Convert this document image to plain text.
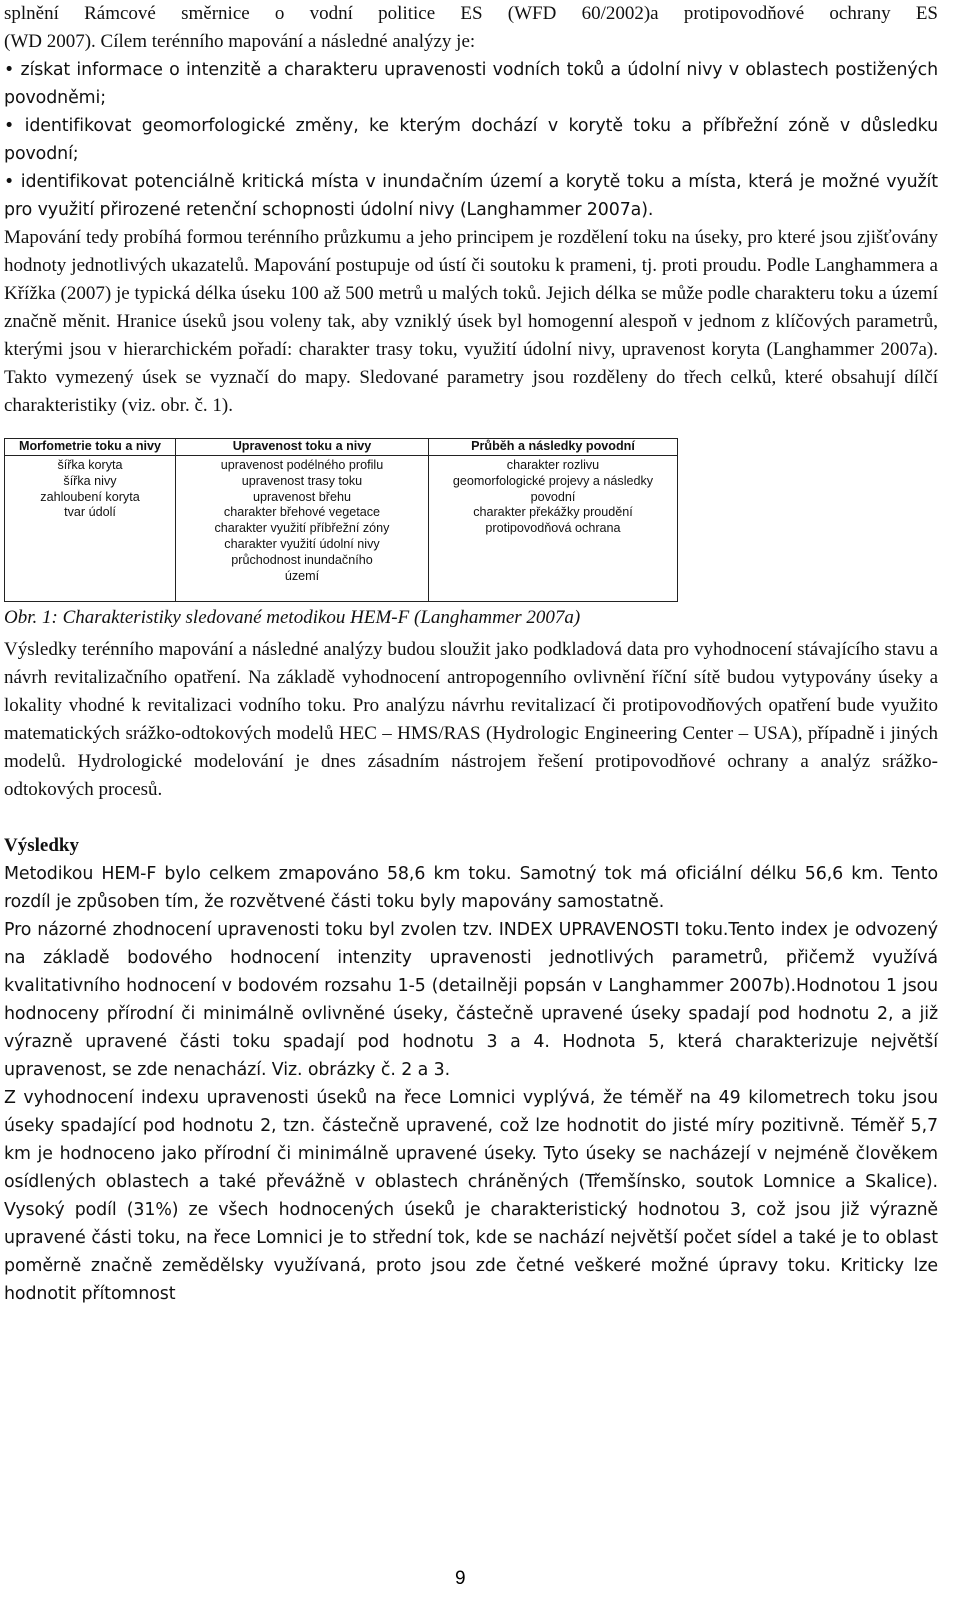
splnění Rámcové směrnice o vodní politice ES (WFD 60/2002)a protipovodňové ochrany ES

(WD 2007). Cílem terénního mapování a následné analýzy je:

• získat informace o intenzitě a charakteru upravenosti vodních toků a údolní nivy v oblastech postižených povodněmi;

• identifikovat geomorfologické změny, ke kterým dochází v korytě toku a příbřežní zóně v důsledku povodní;

• identifikovat potenciálně kritická místa v inundačním území a korytě toku a místa, která je možné využít pro využití přirozené retenční schopnosti údolní nivy (Langhammer 2007a).

Mapování tedy probíhá formou terénního průzkumu a jeho principem je rozdělení toku na úseky, pro které jsou zjišťovány hodnoty jednotlivých ukazatelů. Mapování postupuje od ústí či soutoku k prameni, tj. proti proudu. Podle Langhammera a Křížka (2007) je typická délka úseku 100 až 500 metrů u malých toků. Jejich délka se může podle charakteru toku a území značně měnit. Hranice úseků jsou voleny tak, aby vzniklý úsek byl homogenní alespoň v jednom z klíčových parametrů, kterými jsou v hierarchickém pořadí: charakter trasy toku, využití údolní nivy, upravenost koryta (Langhammer 2007a). Takto vymezený úsek se vyznačí do mapy. Sledované parametry jsou rozděleny do třech celků, které obsahují dílčí charakteristiky (viz. obr. č. 1).

Morfometrie toku a nivy
šířka koryta
šířka nivy
zahloubení koryta
tvar údolí
Upravenost toku a nivy
upravenost podélného profilu
upravenost trasy toku
upravenost břehu
charakter břehové vegetace
charakter využití příbřežní zóny
charakter využití údolní nivy
průchodnost inundačního
území
Průběh a následky povodní
charakter rozlivu
geomorfologické projevy a následky
povodní
charakter překážky proudění
protipovodňová ochrana
Obr. 1: Charakteristiky sledované metodikou HEM-F (Langhammer 2007a)

Výsledky terénního mapování a následné analýzy budou sloužit jako podkladová data pro vyhodnocení stávajícího stavu a návrh revitalizačního opatření. Na základě vyhodnocení antropogenního ovlivnění říční sítě budou vytypovány úseky a lokality vhodné k revitalizaci vodního toku. Pro analýzu návrhu revitalizací či protipovodňových opatření bude využito matematických srážko-odtokových modelů HEC – HMS/RAS (Hydrologic Engineering Center – USA), případně i jiných modelů. Hydrologické modelování je dnes zásadním nástrojem řešení protipovodňové ochrany a analýz srážko-odtokových procesů.

Výsledky

Metodikou HEM-F bylo celkem zmapováno 58,6 km toku. Samotný tok má oficiální délku 56,6 km. Tento rozdíl je způsoben tím, že rozvětvené části toku byly mapovány samostatně.

Pro názorné zhodnocení upravenosti toku byl zvolen tzv. INDEX UPRAVENOSTI toku.Tento index je odvozený na základě bodového hodnocení intenzity upravenosti jednotlivých parametrů, přičemž využívá kvalitativního hodnocení v bodovém rozsahu 1-5 (detailněji popsán v Langhammer 2007b).Hodnotou 1 jsou hodnoceny přírodní či minimálně ovlivněné úseky, částečně upravené úseky spadají pod hodnotu 2, a již výrazně upravené části toku spadají pod hodnotu 3 a 4. Hodnota 5, která charakterizuje největší upravenost, se zde nenachází. Viz. obrázky č. 2 a 3.

Z vyhodnocení indexu upravenosti úseků na řece Lomnici vyplývá, že téměř na 49 kilometrech toku jsou úseky spadající pod hodnotu 2, tzn. částečně upravené, což lze hodnotit do jisté míry pozitivně. Téměř 5,7 km je hodnoceno jako přírodní či minimálně upravené úseky. Tyto úseky se nacházejí v nejméně člověkem osídlených oblastech a také převážně v oblastech chráněných (Třemšínsko, soutok Lomnice a Skalice). Vysoký podíl (31%) ze všech hodnocených úseků je charakteristický hodnotou 3, což jsou již výrazně upravené části toku, na řece Lomnici je to střední tok, kde se nachází největší počet sídel a také je to oblast poměrně značně zemědělsky využívaná, proto jsou zde četné veškeré možné úpravy toku. Kriticky lze hodnotit přítomnost

9
